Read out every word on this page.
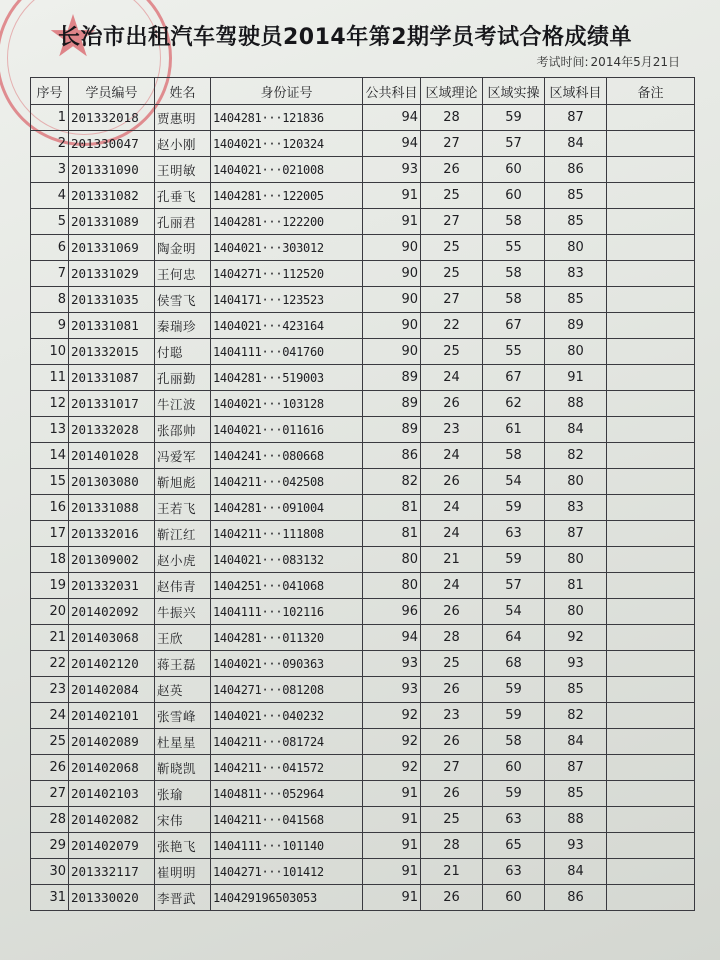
★
长治市出租汽车驾驶员2014年第2期学员考试合格成绩单
考试时间: 2014年5月21日
序号	学员编号	姓名	身份证号	公共科目	区域理论	区域实操	区域科目	备注
1	201332018	贾惠明	1404281···121836	94	28	59	87	
2	201330047	赵小刚	1404021···120324	94	27	57	84	
3	201331090	王明敏	1404021···021008	93	26	60	86	
4	201331082	孔垂飞	1404281···122005	91	25	60	85	
5	201331089	孔丽君	1404281···122200	91	27	58	85	
6	201331069	陶金明	1404021···303012	90	25	55	80	
7	201331029	王何忠	1404271···112520	90	25	58	83	
8	201331035	侯雪飞	1404171···123523	90	27	58	85	
9	201331081	秦瑞珍	1404021···423164	90	22	67	89	
10	201332015	付聪	1404111···041760	90	25	55	80	
11	201331087	孔丽勤	1404281···519003	89	24	67	91	
12	201331017	牛江波	1404021···103128	89	26	62	88	
13	201332028	张邵帅	1404021···011616	89	23	61	84	
14	201401028	冯爱军	1404241···080668	86	24	58	82	
15	201303080	靳旭彪	1404211···042508	82	26	54	80	
16	201331088	王若飞	1404281···091004	81	24	59	83	
17	201332016	靳江红	1404211···111808	81	24	63	87	
18	201309002	赵小虎	1404021···083132	80	21	59	80	
19	201332031	赵伟青	1404251···041068	80	24	57	81	
20	201402092	牛振兴	1404111···102116	96	26	54	80	
21	201403068	王欣	1404281···011320	94	28	64	92	
22	201402120	蒋王磊	1404021···090363	93	25	68	93	
23	201402084	赵英	1404271···081208	93	26	59	85	
24	201402101	张雪峰	1404021···040232	92	23	59	82	
25	201402089	杜星星	1404211···081724	92	26	58	84	
26	201402068	靳晓凯	1404211···041572	92	27	60	87	
27	201402103	张瑜	1404811···052964	91	26	59	85	
28	201402082	宋伟	1404211···041568	91	25	63	88	
29	201402079	张艳飞	1404111···101140	91	28	65	93	
30	201332117	崔明明	1404271···101412	91	21	63	84	
31	201330020	李晋武	140429196503053	91	26	60	86	
